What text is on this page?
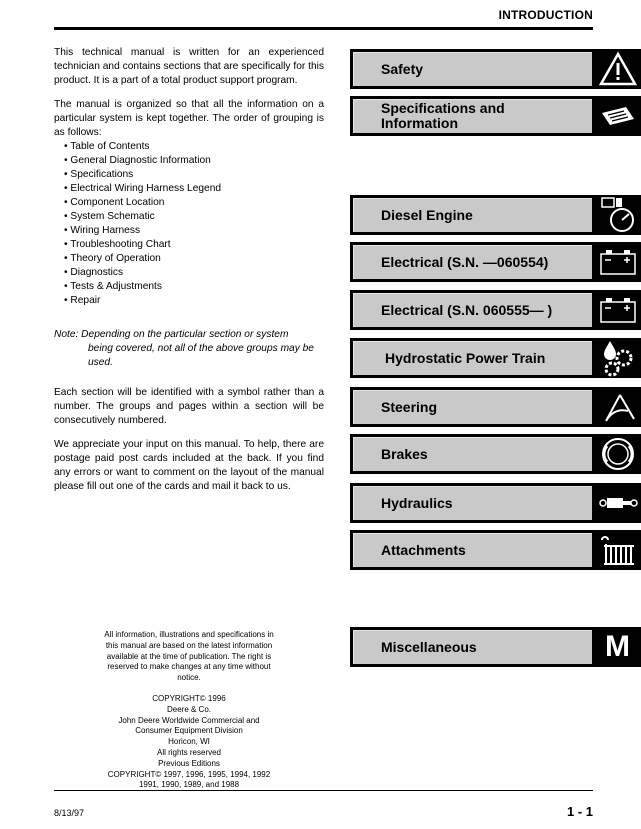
INTRODUCTION

This technical manual is written for an experienced technician and contains sections that are specifically for this product. It is a part of a total product support program.

The manual is organized so that all the information on a particular system is kept together. The order of grouping is as follows:

• Table of Contents
• General Diagnostic Information
• Specifications
• Electrical Wiring Harness Legend
• Component Location
• System Schematic
• Wiring Harness
• Troubleshooting Chart
• Theory of Operation
• Diagnostics
• Tests & Adjustments
• Repair
Note: Depending on the particular section or system
being covered, not all of the above groups may be used.

Each section will be identified with a symbol rather than a number. The groups and pages within a section will be consecutively numbered.

We appreciate your input on this manual. To help, there are postage paid post cards included at the back. If you find any errors or want to comment on the layout of the manual please fill out one of the cards and mail it back to us.

All information, illustrations and specifications in this manual are based on the latest information available at the time of publication. The right is reserved to make changes at any time without notice.
COPYRIGHT© 1996
Deere & Co.
John Deere Worldwide Commercial and
Consumer Equipment Division
Horicon, WI
All rights reserved
Previous Editions
COPYRIGHT© 1997, 1996, 1995, 1994, 1992
1991, 1990, 1989, and 1988
Safety
Specifications and Information
Diesel Engine
Electrical (S.N. —060554)
Electrical (S.N. 060555— )
Hydrostatic Power Train
Steering
Brakes
Hydraulics
Attachments
Miscellaneous	M
8/13/97	1 - 1
